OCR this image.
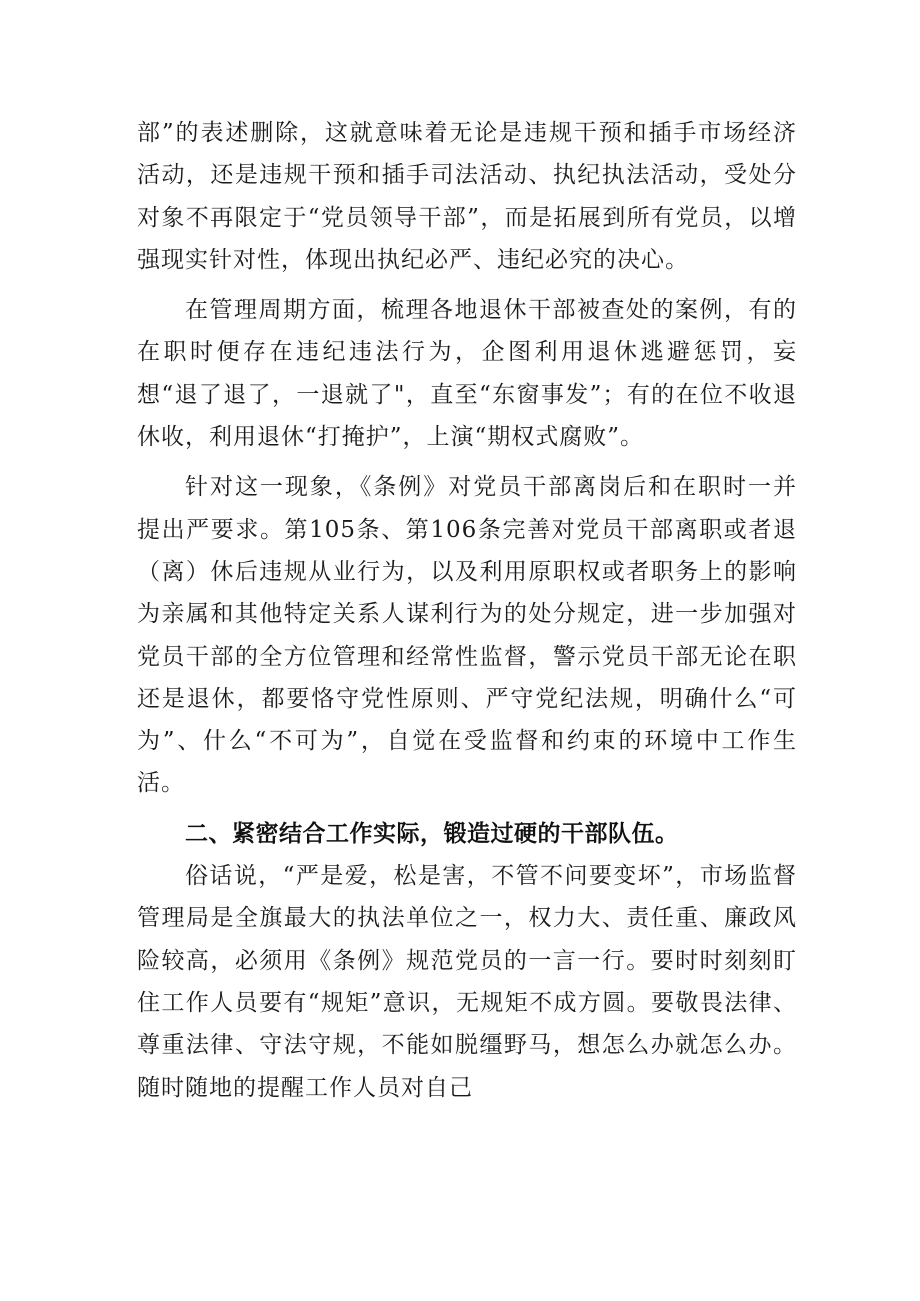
部”的表述删除，这就意味着无论是违规干预和插手市场经济活动，还是违规干预和插手司法活动、执纪执法活动，受处分对象不再限定于“党员领导干部”，而是拓展到所有党员，以增强现实针对性，体现出执纪必严、违纪必究的决心。

在管理周期方面，梳理各地退休干部被查处的案例，有的在职时便存在违纪违法行为，企图利用退休逃避惩罚，妄想“退了退了，一退就了"，直至“东窗事发”；有的在位不收退休收，利用退休“打掩护”，上演“期权式腐败”。

针对这一现象，《条例》对党员干部离岗后和在职时一并提出严要求。第105条、第106条完善对党员干部离职或者退（离）休后违规从业行为，以及利用原职权或者职务上的影响为亲属和其他特定关系人谋利行为的处分规定，进一步加强对党员干部的全方位管理和经常性监督，警示党员干部无论在职还是退休，都要恪守党性原则、严守党纪法规，明确什么“可为”、什么“不可为”，自觉在受监督和约束的环境中工作生活。

二、紧密结合工作实际，锻造过硬的干部队伍。

俗话说，“严是爱，松是害，不管不问要变坏”，市场监督管理局是全旗最大的执法单位之一，权力大、责任重、廉政风险较高，必须用《条例》规范党员的一言一行。要时时刻刻盯住工作人员要有“规矩”意识，无规矩不成方圆。要敬畏法律、尊重法律、守法守规，不能如脱缰野马，想怎么办就怎么办。随时随地的提醒工作人员对自己
